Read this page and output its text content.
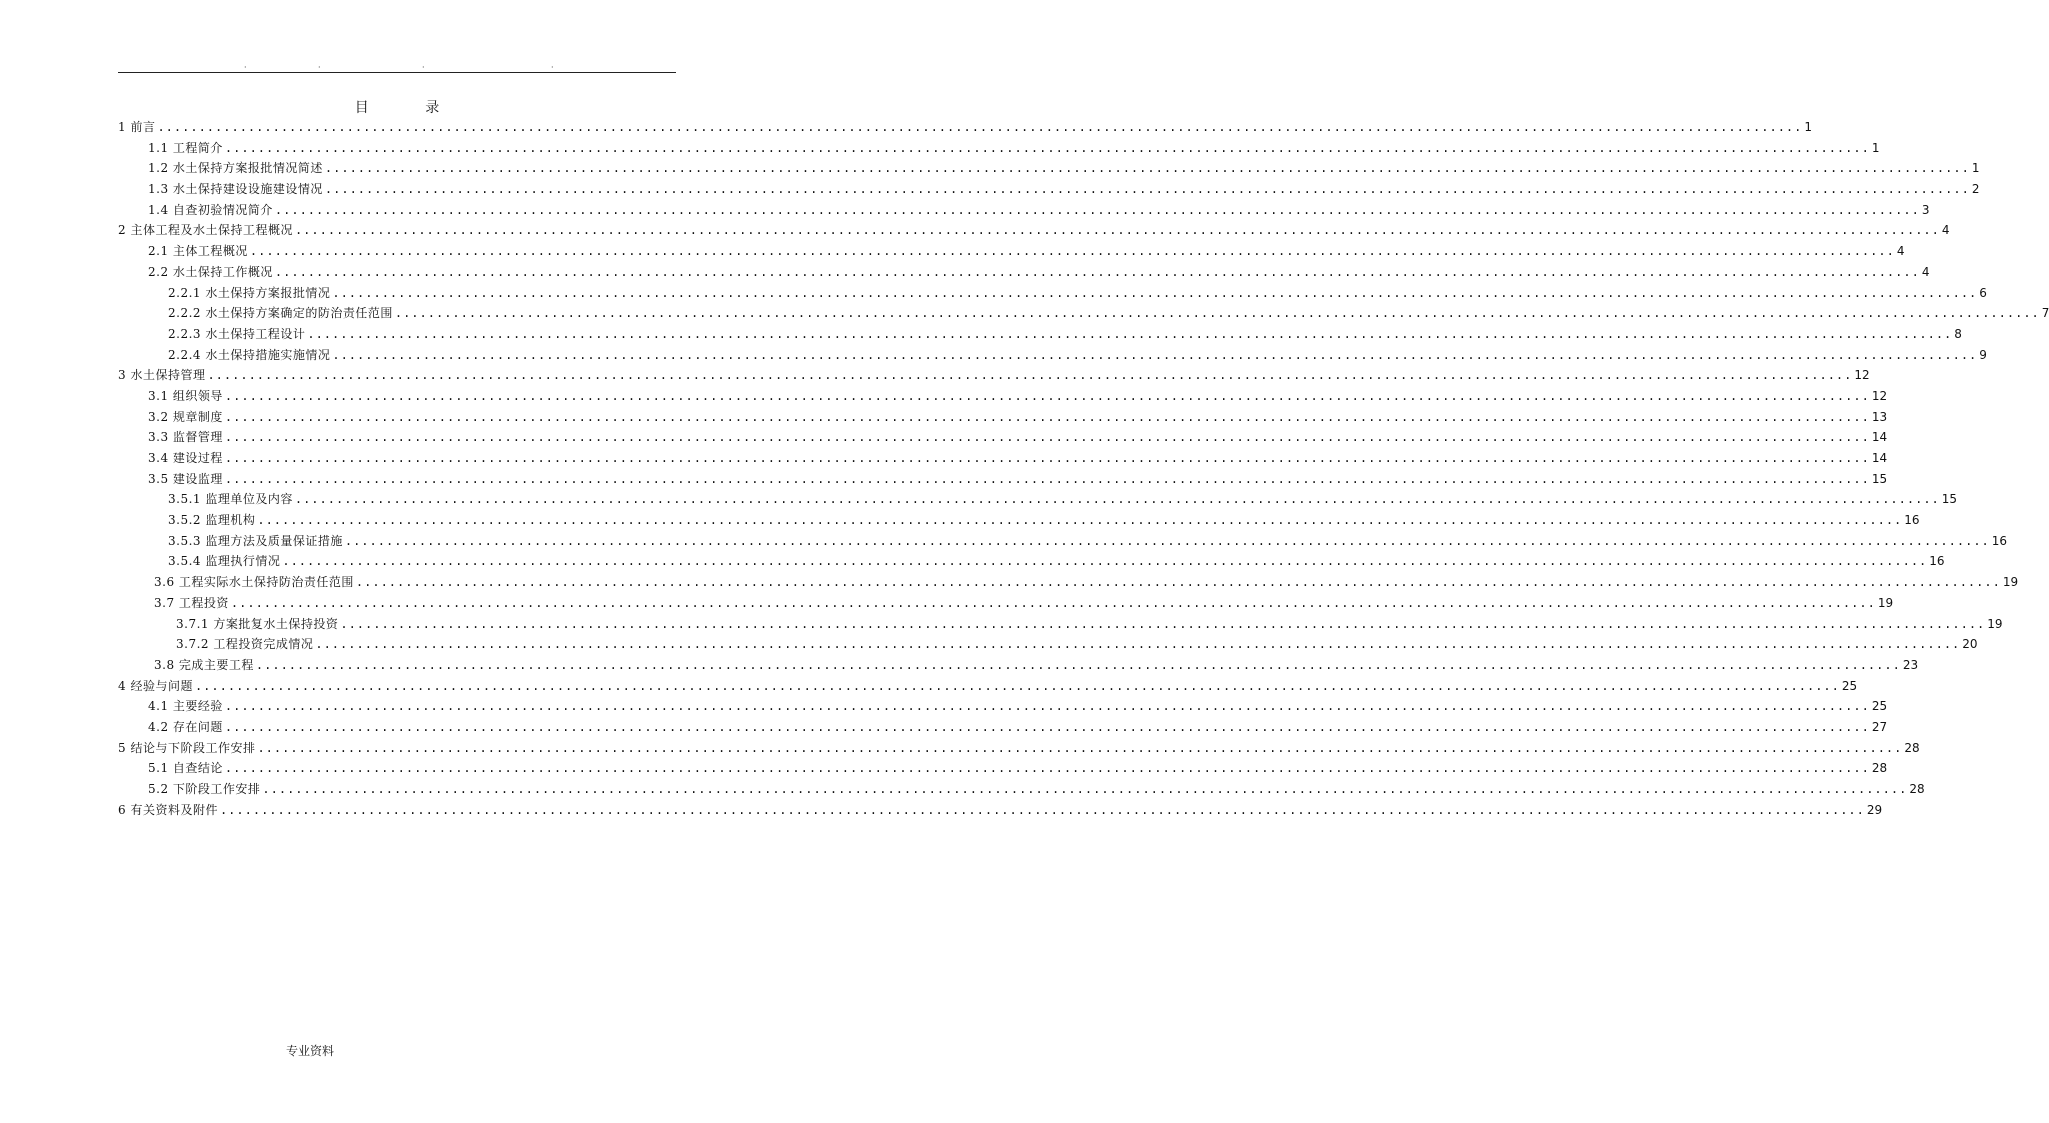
·	·	·	·
目 录
1 前言 ........................................................................................................................................................................................................ 1
1.1 工程简介 ........................................................................................................................................................................................................ 1
1.2 水土保持方案报批情况简述 ........................................................................................................................................................................................................ 1
1.3 水土保持建设设施建设情况 ........................................................................................................................................................................................................ 2
1.4 自查初验情况简介 ........................................................................................................................................................................................................ 3
2 主体工程及水土保持工程概况 ........................................................................................................................................................................................................ 4
2.1 主体工程概况 ........................................................................................................................................................................................................ 4
2.2 水土保持工作概况 ........................................................................................................................................................................................................ 4
2.2.1 水土保持方案报批情况 ........................................................................................................................................................................................................ 6
2.2.2 水土保持方案确定的防治责任范围 ........................................................................................................................................................................................................ 7
2.2.3 水土保持工程设计 ........................................................................................................................................................................................................ 8
2.2.4 水土保持措施实施情况 ........................................................................................................................................................................................................ 9
3 水土保持管理 ........................................................................................................................................................................................................ 12
3.1 组织领导 ........................................................................................................................................................................................................ 12
3.2 规章制度 ........................................................................................................................................................................................................ 13
3.3 监督管理 ........................................................................................................................................................................................................ 14
3.4 建设过程 ........................................................................................................................................................................................................ 14
3.5 建设监理 ........................................................................................................................................................................................................ 15
3.5.1 监理单位及内容 ........................................................................................................................................................................................................ 15
3.5.2 监理机构 ........................................................................................................................................................................................................ 16
3.5.3 监理方法及质量保证措施 ........................................................................................................................................................................................................ 16
3.5.4 监理执行情况 ........................................................................................................................................................................................................ 16
3.6 工程实际水土保持防治责任范围 ........................................................................................................................................................................................................ 19
3.7 工程投资 ........................................................................................................................................................................................................ 19
3.7.1 方案批复水土保持投资 ........................................................................................................................................................................................................ 19
3.7.2 工程投资完成情况 ........................................................................................................................................................................................................ 20
3.8 完成主要工程 ........................................................................................................................................................................................................ 23
4 经验与问题 ........................................................................................................................................................................................................ 25
4.1 主要经验 ........................................................................................................................................................................................................ 25
4.2 存在问题 ........................................................................................................................................................................................................ 27
5 结论与下阶段工作安排 ........................................................................................................................................................................................................ 28
5.1 自查结论 ........................................................................................................................................................................................................ 28
5.2 下阶段工作安排 ........................................................................................................................................................................................................ 28
6 有关资料及附件 ........................................................................................................................................................................................................ 29
专业资料
